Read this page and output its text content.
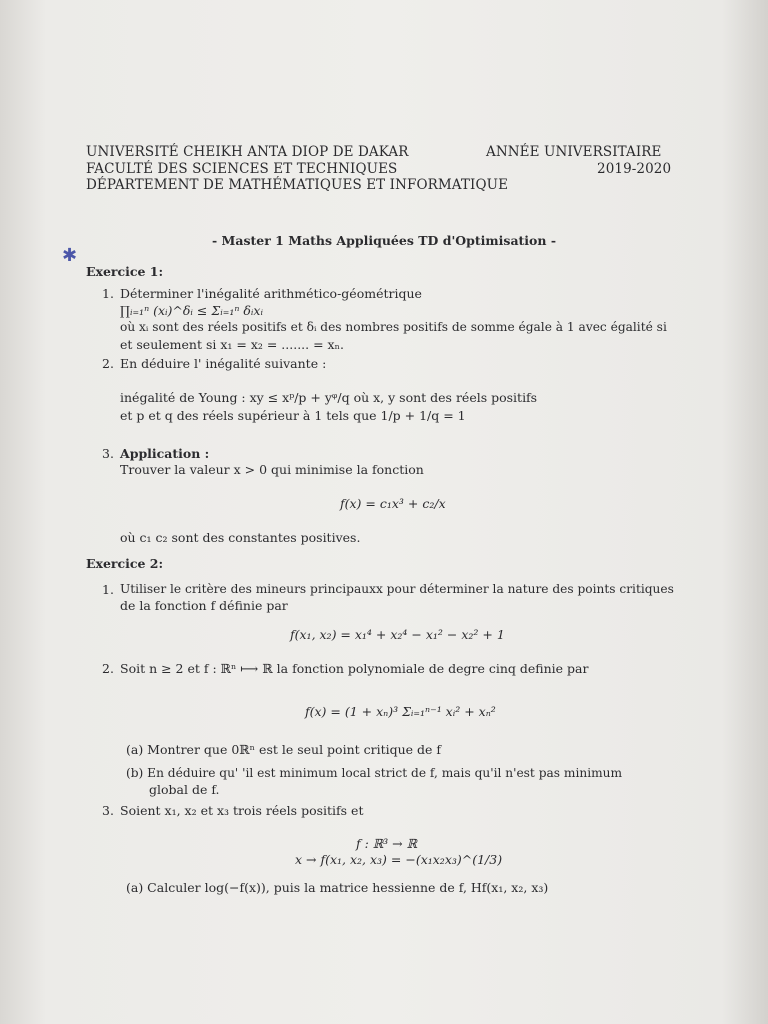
UNIVERSITÉ CHEIKH ANTA DIOP DE DAKAR
FACULTÉ DES SCIENCES ET TECHNIQUES
DÉPARTEMENT DE MATHÉMATIQUES ET INFORMATIQUE
ANNÉE UNIVERSITAIRE
2019-2020
- Master 1 Maths Appliquées TD d'Optimisation -
✱
Exercice 1:
1. Déterminer l'inégalité arithmético-géométrique
∏ᵢ₌₁ⁿ (xᵢ)^δᵢ ≤ Σᵢ₌₁ⁿ δᵢxᵢ
où xᵢ sont des réels positifs et δᵢ des nombres positifs de somme égale à 1 avec égalité si
et seulement si x₁ = x₂ = ....... = xₙ.
2. En déduire l' inégalité suivante :
inégalité de Young : xy ≤ xᵖ/p + yᵠ/q où x, y sont des réels positifs
et p et q des réels supérieur à 1 tels que 1/p + 1/q = 1
3. Application :
Trouver la valeur x > 0 qui minimise la fonction
f(x) = c₁x³ + c₂/x
où c₁ c₂ sont des constantes positives.
Exercice 2:
1. Utiliser le critère des mineurs principauxx pour déterminer la nature des points critiques
de la fonction f définie par
f(x₁, x₂) = x₁⁴ + x₂⁴ − x₁² − x₂² + 1
2. Soit n ≥ 2 et f : ℝⁿ ⟼ ℝ la fonction polynomiale de degre cinq definie par
f(x) = (1 + xₙ)³ Σᵢ₌₁ⁿ⁻¹ xᵢ² + xₙ²
(a) Montrer que 0ℝⁿ est le seul point critique de f
(b) En déduire qu' 'il est minimum local strict de f, mais qu'il n'est pas minimum
global de f.
3. Soient x₁, x₂ et x₃ trois réels positifs et
f : ℝ³ → ℝ
x → f(x₁, x₂, x₃) = −(x₁x₂x₃)^(1/3)
(a) Calculer log(−f(x)), puis la matrice hessienne de f, Hf(x₁, x₂, x₃)
